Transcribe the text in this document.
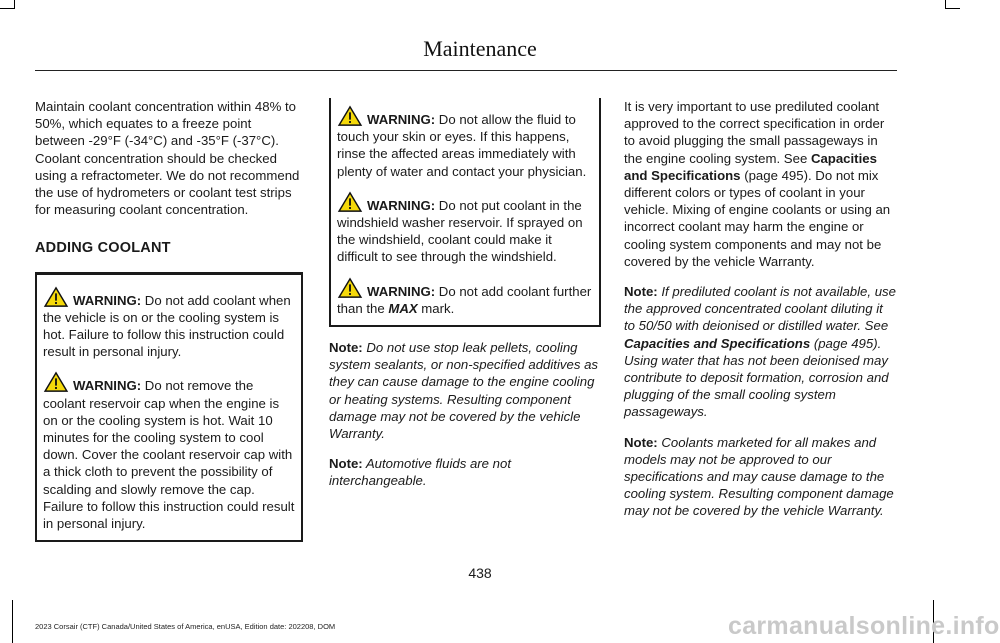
Maintenance

Maintain coolant concentration within 48% to 50%, which equates to a freeze point between -29°F (-34°C) and -35°F (-37°C). Coolant concentration should be checked using a refractometer. We do not recommend the use of hydrometers or coolant test strips for measuring coolant concentration.

ADDING COOLANT

WARNING: Do not add coolant when the vehicle is on or the cooling system is hot. Failure to follow this instruction could result in personal injury.

WARNING: Do not remove the coolant reservoir cap when the engine is on or the cooling system is hot. Wait 10 minutes for the cooling system to cool down. Cover the coolant reservoir cap with a thick cloth to prevent the possibility of scalding and slowly remove the cap. Failure to follow this instruction could result in personal injury.

WARNING: Do not allow the fluid to touch your skin or eyes. If this happens, rinse the affected areas immediately with plenty of water and contact your physician.

WARNING: Do not put coolant in the windshield washer reservoir. If sprayed on the windshield, coolant could make it difficult to see through the windshield.

WARNING: Do not add coolant further than the MAX mark.

Note: Do not use stop leak pellets, cooling system sealants, or non-specified additives as they can cause damage to the engine cooling or heating systems. Resulting component damage may not be covered by the vehicle Warranty.

Note: Automotive fluids are not interchangeable.

It is very important to use prediluted coolant approved to the correct specification in order to avoid plugging the small passageways in the engine cooling system. See Capacities and Specifications (page 495). Do not mix different colors or types of coolant in your vehicle. Mixing of engine coolants or using an incorrect coolant may harm the engine or cooling system components and may not be covered by the vehicle Warranty.

Note: If prediluted coolant is not available, use the approved concentrated coolant diluting it to 50/50 with deionised or distilled water. See Capacities and Specifications (page 495). Using water that has not been deionised may contribute to deposit formation, corrosion and plugging of the small cooling system passageways.

Note: Coolants marketed for all makes and models may not be approved to our specifications and may cause damage to the cooling system. Resulting component damage may not be covered by the vehicle Warranty.

438
2023 Corsair (CTF) Canada/United States of America, enUSA, Edition date: 202208, DOM	carmanualsonline.info
